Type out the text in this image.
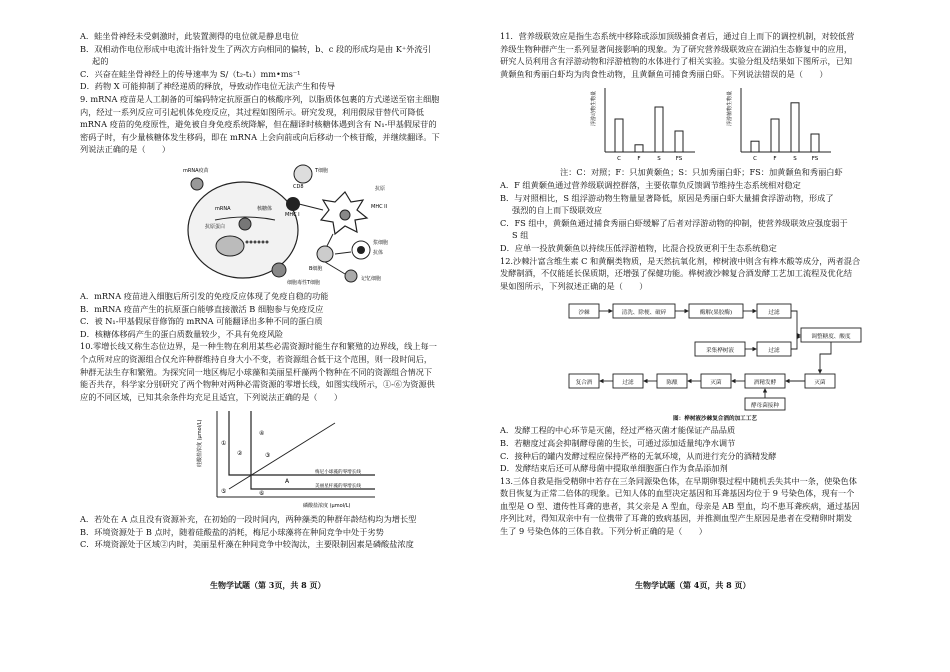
A．蛙坐骨神经未受刺激时，此装置测得的电位就是静息电位

B．双相动作电位形成中电流计指针发生了两次方向相同的偏转，b、c 段的形成均是由 K⁺外流引

起的

C．兴奋在蛙坐骨神经上的传导速率为 S/（t₂-t₁）mm•ms⁻¹

D．药物 X 可能抑制了神经递质的释放，导致动作电位无法产生和传导

9. mRNA 疫苗是人工制备的可编码特定抗原蛋白的核酸序列，以脂质体包裹的方式递送至宿主细胞

内，经过一系列反应可引起机体免疫反应，其过程如图所示。研究发现，利用假尿苷替代可降低

mRNA 疫苗的免疫原性，避免被自身免疫系统降解，但在翻译时核糖体遇到含有 N₁-甲基假尿苷的

密码子时，有少量核糖体发生移码，即在 mRNA 上会向前或向后移动一个核苷酸，并继续翻译。下

列说法正确的是（　　）

mRNA疫苗
mRNA	核糖体
抗原蛋白
MHC I
T细胞
MHC II
B细胞
浆细胞
抗体
记忆细胞
细胞毒性T细胞
CD8	抗原

A．mRNA 疫苗进入细胞后所引发的免疫反应体现了免疫自稳的功能

B．mRNA 疫苗产生的抗原蛋白能够直接激活 B 细胞参与免疫反应

C．被 N₁-甲基假尿苷修饰的 mRNA 可能翻译出多种不同的蛋白质

D．核糖体移码产生的蛋白质数量较少，不具有免疫风险

10.零增长线又称生态位边界，是一种生物在利用某些必需资源时能生存和繁殖的边界线，线上每一

个点所对应的资源组合仅允许种群维持自身大小不变，若资源组合低于这个范围，则一段时间后，

种群无法生存和繁殖。为探究同一地区梅尼小球藻和美丽星杆藻两个物种在不同的资源组合情况下

能否共存，科学家分别研究了两个物种对两种必需资源的零增长线，如图实线所示，①-⑥为资源供

应的不同区域，已知其余条件均充足且适宜，下列说法正确的是（　　）

硅酸盐浓度 (μmol/L)
磷酸盐浓度 (μmol/L)
梅尼小球藻的零增长线
美丽星杆藻的零增长线
A
①
②	③
④
⑤	⑥

A．若处在 A 点且没有资源补充，在初始的一段时间内，两种藻类的种群年龄结构均为增长型

B．环境资源处于 B 点时，随着硅酸盐的消耗，梅尼小球藻将在种间竞争中处于劣势

C．环境资源处于区域②内时，美丽星杆藻在种间竞争中较淘汰，主要限制因素是磷酸盐浓度

生物学试题（第 3页，共 8 页）

11．营养级联效应是指生态系统中移除或添加顶级捕食者后，通过自上而下的调控机制，对较低营

养级生物种群产生一系列显著间接影响的现象。为了研究营养级联效应在湖泊生态修复中的应用，

研究人员利用含有浮游动物和浮游植物的水体进行了相关实验。实验分组及结果如下图所示，已知

黄颡鱼和秀丽白虾均为肉食性动物，且黄颡鱼可捕食秀丽白虾。下列说法错误的是（　　）

浮游动物生物量	浮游植物生物量
C	F	S	FS	C	F	S	FS

注：C：对照；F：只加黄颡鱼；S：只加秀丽白虾；FS：加黄颡鱼和秀丽白虾

A．F 组黄颡鱼通过营养级联调控群落，主要依靠负反馈调节维持生态系统相对稳定

B．与对照相比，S 组浮游动物生物量显著降低，原因是秀丽白虾大量捕食浮游动物，形成了

强烈的自上而下级联效应

C．FS 组中，黄颡鱼通过捕食秀丽白虾缓解了后者对浮游动物的抑制，使营养级联效应强度弱于

S 组

D．应单一投放黄颡鱼以持续压低浮游植物，比混合投放更利于生态系统稳定

12.沙棘汁富含维生素 C 和黄酮类物质，是天然抗氧化剂，榨树液中则含有桦木酸等成分，两者混合

发酵制酒，不仅能延长保质期，还增强了保健功能。桦树液沙棘复合酒发酵工艺加工流程及优化结

果如图所示，下列叙述正确的是（　　）

沙棘	清洗、除梗、破碎	酶解(果胶酶)	过滤
调整糖度、酸度
采集桦树液	过滤
复合酒	过滤	陈酿	灭菌	酒精发酵	灭菌
酵母菌接种
图：桦树液沙棘复合酒的加工工艺

A．发酵工程的中心环节是灭菌，经过严格灭菌才能保证产品品质

B．若糖度过高会抑制酵母菌的生长，可通过添加适量纯净水调节

C．接种后的罐内发酵过程应保持严格的无氧环境，从而进行充分的酒精发酵

D．发酵结束后还可从酵母菌中提取单细胞蛋白作为食品添加剂

13.三体自救是指受精卵中若存在三条同源染色体，在早期卵裂过程中随机丢失其中一条，使染色体

数目恢复为正常二倍体的现象。已知人体的血型决定基因和耳聋基因均位于 9 号染色体，现有一个

血型是 O 型、遗传性耳聋的患者，其父亲是 A 型血，母亲是 AB 型血，均不患耳聋疾病，通过基因

序列比对，得知双亲中有一位携带了耳聋的致病基因，并推测血型产生原因是患者在受精卵时期发

生了 9 号染色体的三体自救。下列分析正确的是（　　）

生物学试题（第 4页，共 8 页）
